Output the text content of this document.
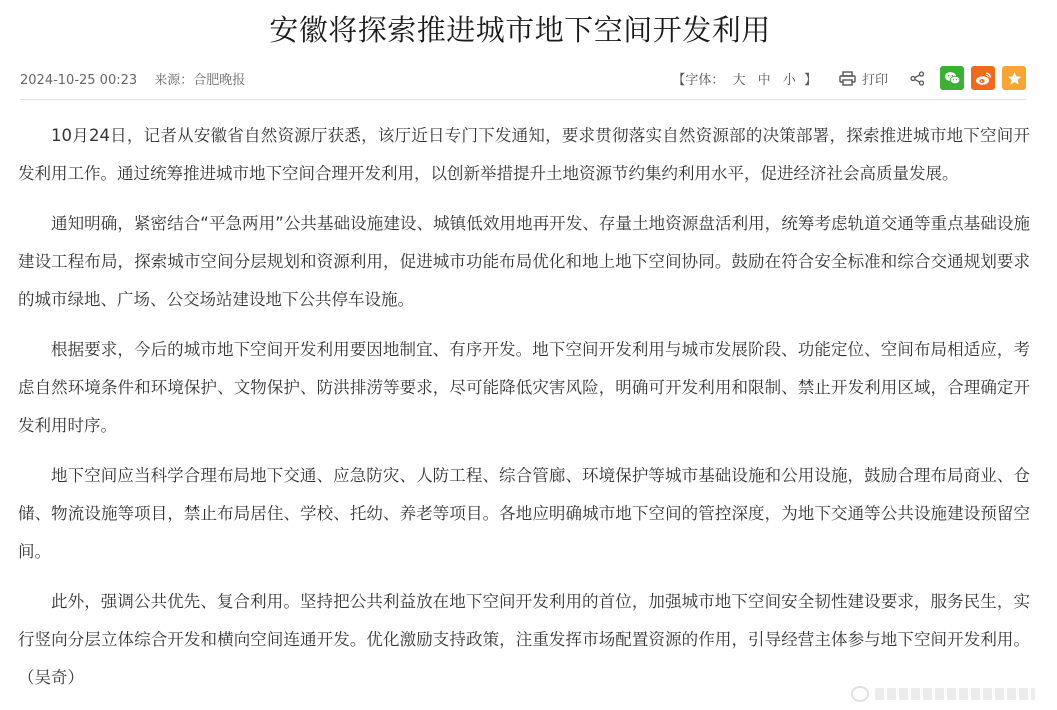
安徽将探索推进城市地下空间开发利用
2024-10-25 00:23 来源：合肥晚报	【字体： 大 中 小 】	打印

10月24日，记者从安徽省自然资源厅获悉，该厅近日专门下发通知，要求贯彻落实自然资源部的决策部署，探索推进城市地下空间开发利用工作。通过统筹推进城市地下空间合理开发利用，以创新举措提升土地资源节约集约利用水平，促进经济社会高质量发展。

通知明确，紧密结合“平急两用”公共基础设施建设、城镇低效用地再开发、存量土地资源盘活利用，统筹考虑轨道交通等重点基础设施建设工程布局，探索城市空间分层规划和资源利用，促进城市功能布局优化和地上地下空间协同。鼓励在符合安全标准和综合交通规划要求的城市绿地、广场、公交场站建设地下公共停车设施。

根据要求，今后的城市地下空间开发利用要因地制宜、有序开发。地下空间开发利用与城市发展阶段、功能定位、空间布局相适应，考虑自然环境条件和环境保护、文物保护、防洪排涝等要求，尽可能降低灾害风险，明确可开发利用和限制、禁止开发利用区域，合理确定开发利用时序。

地下空间应当科学合理布局地下交通、应急防灾、人防工程、综合管廊、环境保护等城市基础设施和公用设施，鼓励合理布局商业、仓储、物流设施等项目，禁止布局居住、学校、托幼、养老等项目。各地应明确城市地下空间的管控深度，为地下交通等公共设施建设预留空间。

此外，强调公共优先、复合利用。坚持把公共利益放在地下空间开发利用的首位，加强城市地下空间安全韧性建设要求，服务民生，实行竖向分层立体综合开发和横向空间连通开发。优化激励支持政策，注重发挥市场配置资源的作用，引导经营主体参与地下空间开发利用。（吴奇）
